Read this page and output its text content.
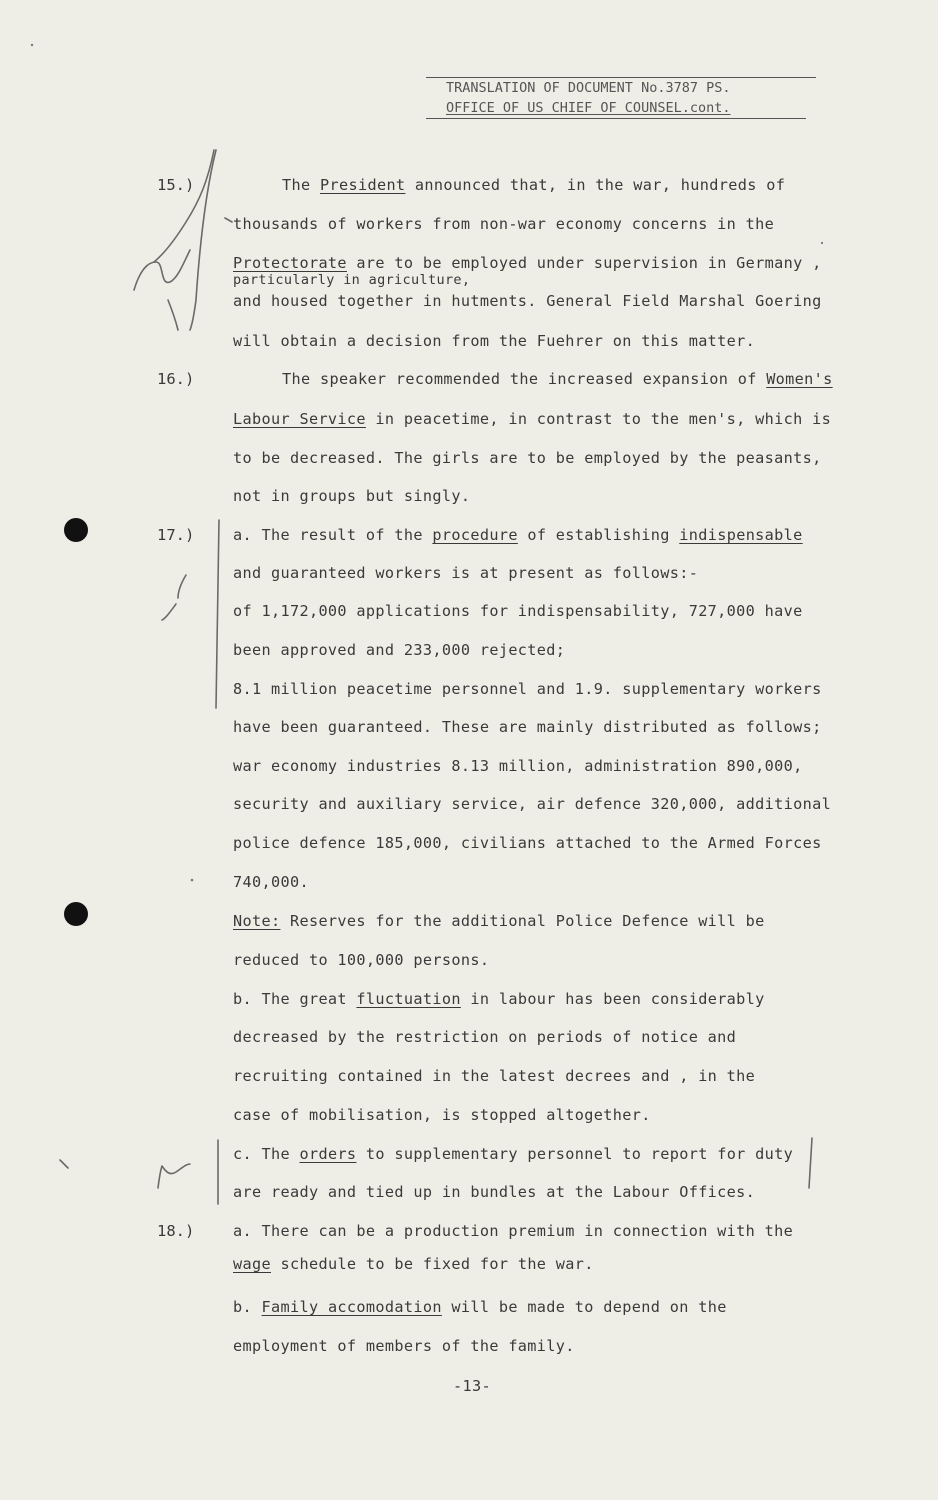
TRANSLATION OF DOCUMENT No.3787 PS.
OFFICE OF US CHIEF OF COUNSEL.cont.
15.)	The President announced that, in the war, hundreds of
thousands of workers from non-war economy concerns in the
Protectorate are to be employed under supervision in Germany ,
particularly in agriculture,
and housed together in hutments. General Field Marshal Goering
will obtain a decision from the Fuehrer on this matter.
16.)	The speaker recommended the increased expansion of Women's
Labour Service in peacetime, in contrast to the men's, which is
to be decreased. The girls are to be employed by the peasants,
not in groups but singly.
17.)	a. The result of the procedure of establishing indispensable
and guaranteed workers is at present as follows:-
of 1,172,000 applications for indispensability, 727,000 have
been approved and 233,000 rejected;
8.1 million peacetime personnel and 1.9. supplementary workers
have been guaranteed. These are mainly distributed as follows;
war economy industries 8.13 million, administration 890,000,
security and auxiliary service, air defence 320,000, additional
police defence 185,000, civilians attached to the Armed Forces
740,000.
Note: Reserves for the additional Police Defence will be
reduced to 100,000 persons.
b. The great fluctuation in labour has been considerably
decreased by the restriction on periods of notice and
recruiting contained in the latest decrees and , in the
case of mobilisation, is stopped altogether.
c. The orders to supplementary personnel to report for duty
are ready and tied up in bundles at the Labour Offices.
18.)	a. There can be a production premium in connection with the
wage schedule to be fixed for the war.
b. Family accomodation will be made to depend on the
employment of members of the family.
-13-
